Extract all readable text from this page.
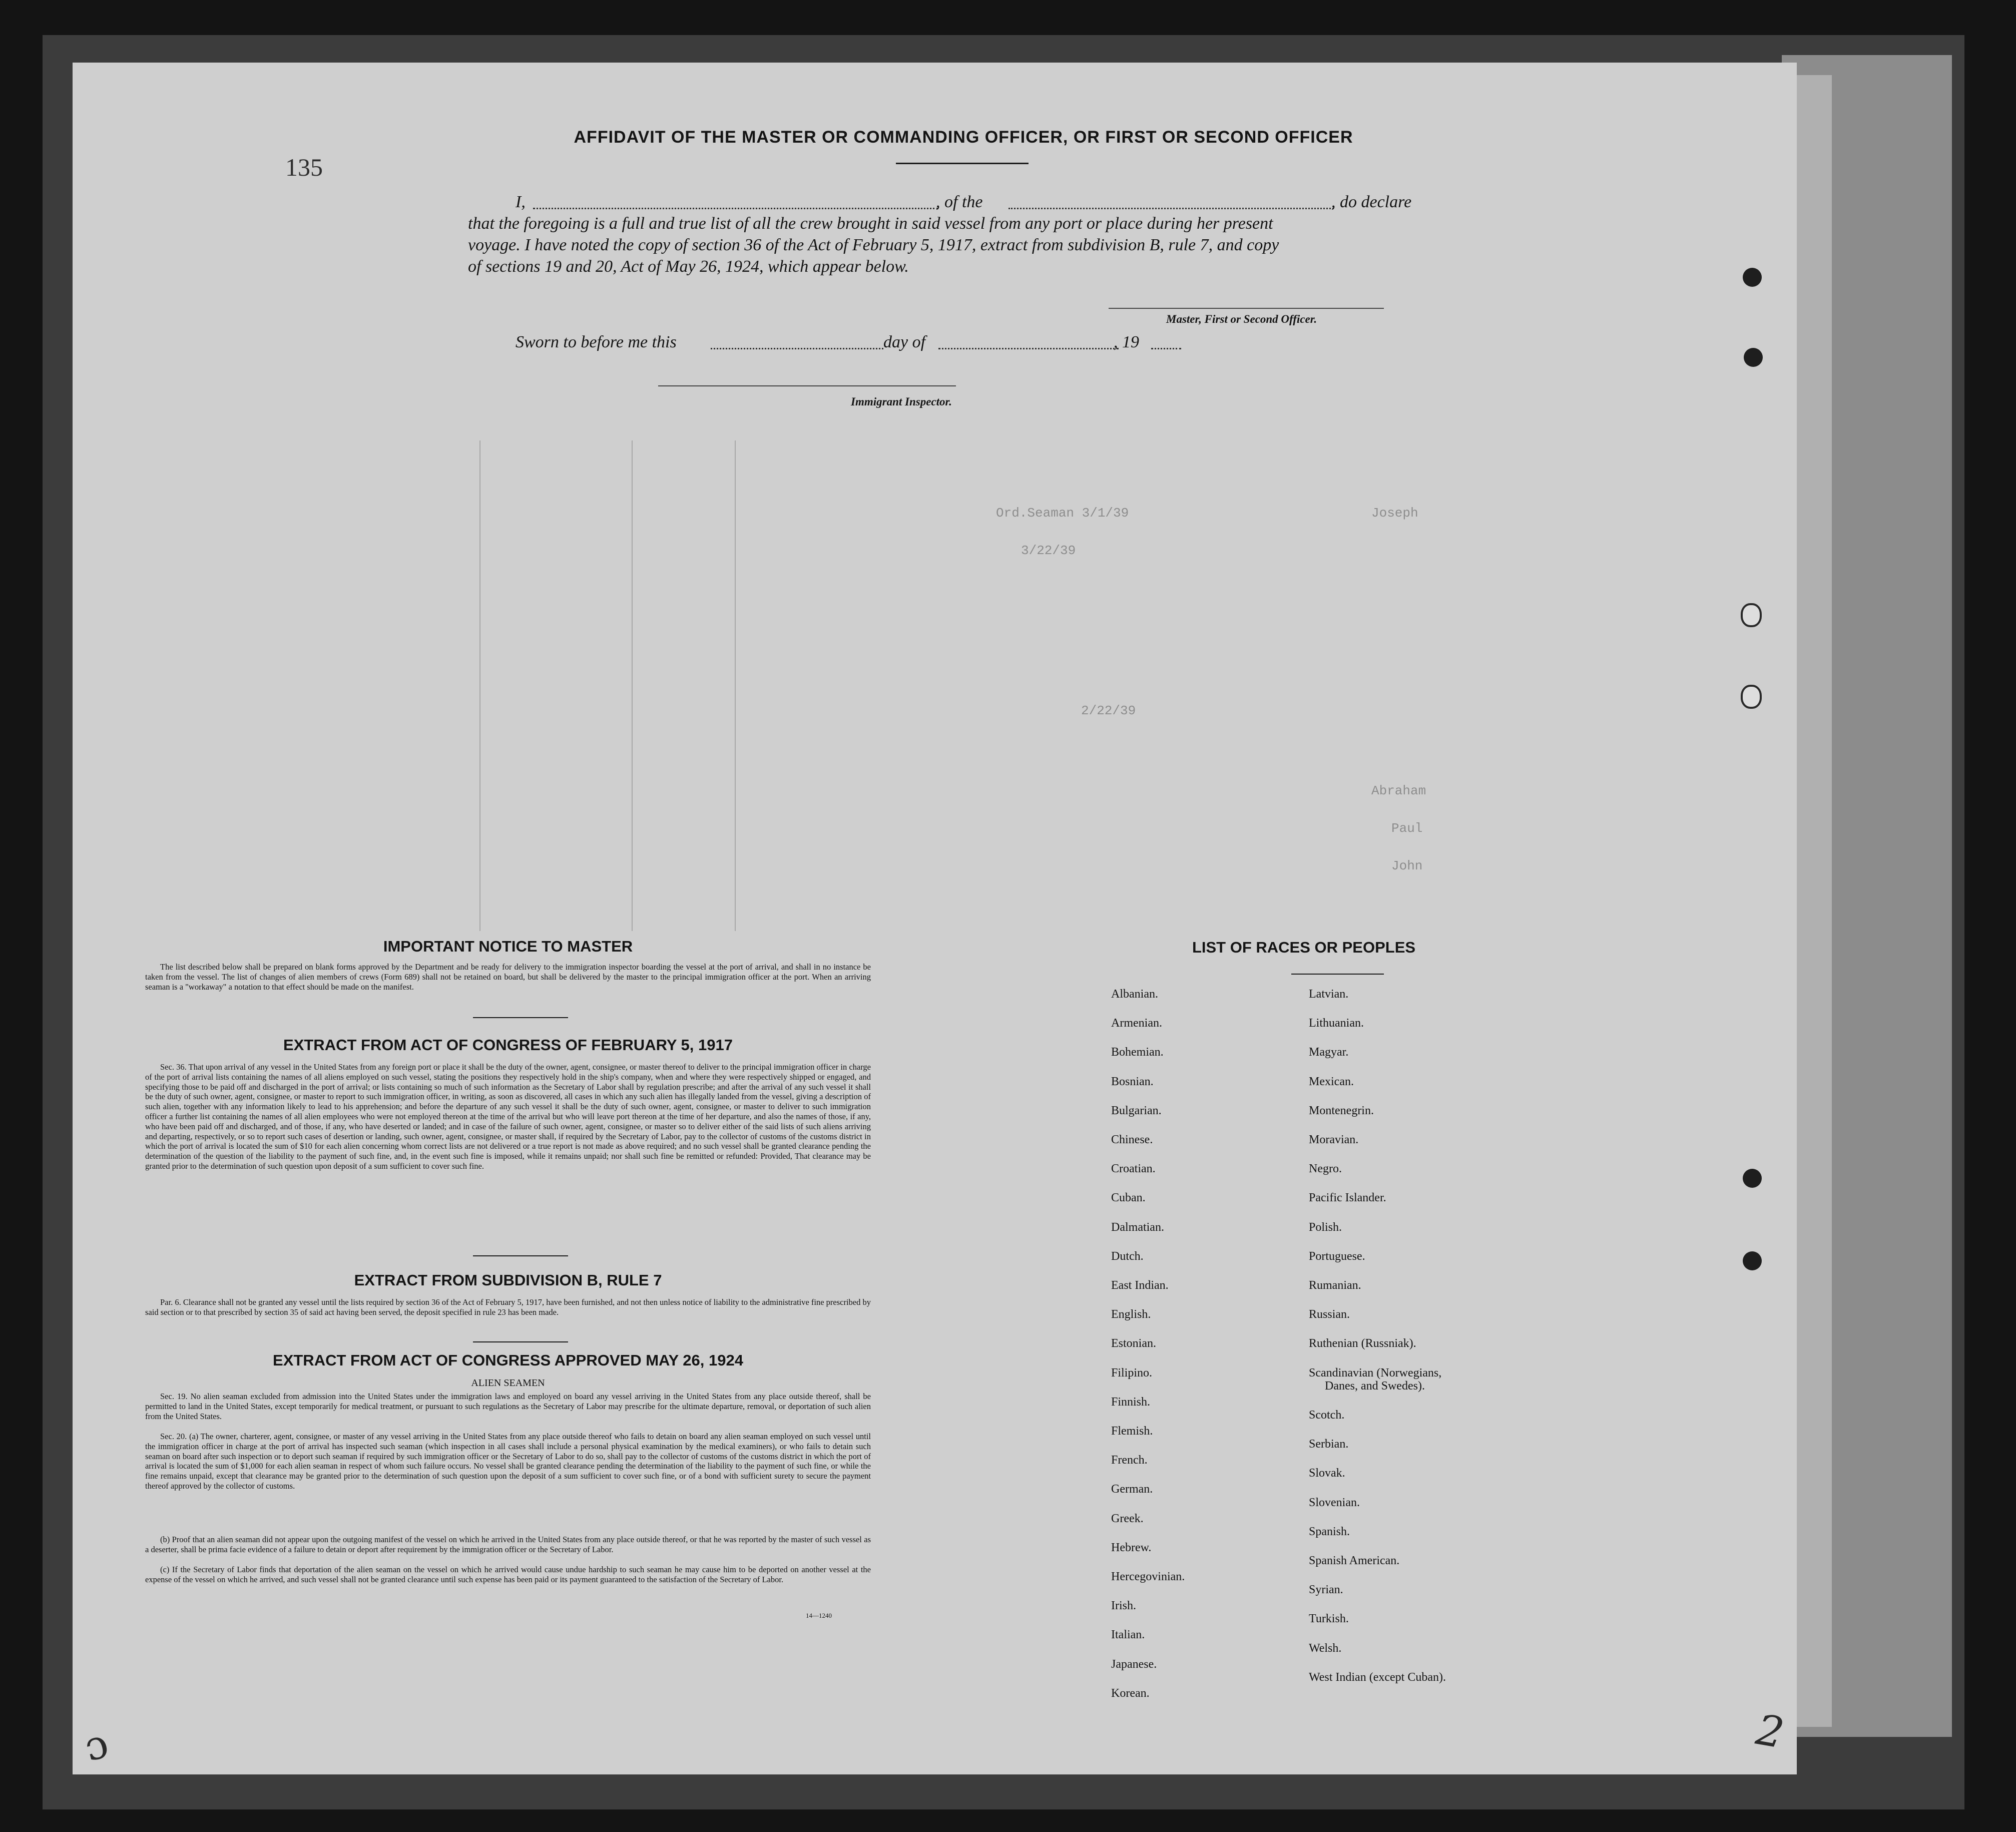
Ord.Seaman 3/1/39	Joseph
3/22/39
Abraham
Paul
John
2/22/39
135
AFFIDAVIT OF THE MASTER OR COMMANDING OFFICER, OR FIRST OR SECOND OFFICER
I,	, of the	, do declare
that the foregoing is a full and true list of all the crew brought in said vessel from any port or place during her present
voyage. I have noted the copy of section 36 of the Act of February 5, 1917, extract from subdivision B, rule 7, and copy
of sections 19 and 20, Act of May 26, 1924, which appear below.
Master, First or Second Officer.
Sworn to before me this	day of	, 19
Immigrant Inspector.
IMPORTANT NOTICE TO MASTER

The list described below shall be prepared on blank forms approved by the Department and be ready for delivery to the immigration inspector boarding the vessel at the port of arrival, and shall in no instance be taken from the vessel. The list of changes of alien members of crews (Form 689) shall not be retained on board, but shall be delivered by the master to the principal immigration officer at the port. When an arriving seaman is a "workaway" a notation to that effect should be made on the manifest.

EXTRACT FROM ACT OF CONGRESS OF FEBRUARY 5, 1917

Sec. 36. That upon arrival of any vessel in the United States from any foreign port or place it shall be the duty of the owner, agent, consignee, or master thereof to deliver to the principal immigration officer in charge of the port of arrival lists containing the names of all aliens employed on such vessel, stating the positions they respectively hold in the ship's company, when and where they were respectively shipped or engaged, and specifying those to be paid off and discharged in the port of arrival; or lists containing so much of such information as the Secretary of Labor shall by regulation prescribe; and after the arrival of any such vessel it shall be the duty of such owner, agent, consignee, or master to report to such immigration officer, in writing, as soon as discovered, all cases in which any such alien has illegally landed from the vessel, giving a description of such alien, together with any information likely to lead to his apprehension; and before the departure of any such vessel it shall be the duty of such owner, agent, consignee, or master to deliver to such immigration officer a further list containing the names of all alien employees who were not employed thereon at the time of the arrival but who will leave port thereon at the time of her departure, and also the names of those, if any, who have been paid off and discharged, and of those, if any, who have deserted or landed; and in case of the failure of such owner, agent, consignee, or master so to deliver either of the said lists of such aliens arriving and departing, respectively, or so to report such cases of desertion or landing, such owner, agent, consignee, or master shall, if required by the Secretary of Labor, pay to the collector of customs of the customs district in which the port of arrival is located the sum of $10 for each alien concerning whom correct lists are not delivered or a true report is not made as above required; and no such vessel shall be granted clearance pending the determination of the question of the liability to the payment of such fine, and, in the event such fine is imposed, while it remains unpaid; nor shall such fine be remitted or refunded: Provided, That clearance may be granted prior to the determination of such question upon deposit of a sum sufficient to cover such fine.

EXTRACT FROM SUBDIVISION B, RULE 7

Par. 6. Clearance shall not be granted any vessel until the lists required by section 36 of the Act of February 5, 1917, have been furnished, and not then unless notice of liability to the administrative fine prescribed by said section or to that prescribed by section 35 of said act having been served, the deposit specified in rule 23 has been made.

EXTRACT FROM ACT OF CONGRESS APPROVED MAY 26, 1924
ALIEN SEAMEN

Sec. 19. No alien seaman excluded from admission into the United States under the immigration laws and employed on board any vessel arriving in the United States from any place outside thereof, shall be permitted to land in the United States, except temporarily for medical treatment, or pursuant to such regulations as the Secretary of Labor may prescribe for the ultimate departure, removal, or deportation of such alien from the United States.

Sec. 20. (a) The owner, charterer, agent, consignee, or master of any vessel arriving in the United States from any place outside thereof who fails to detain on board any alien seaman employed on such vessel until the immigration officer in charge at the port of arrival has inspected such seaman (which inspection in all cases shall include a personal physical examination by the medical examiners), or who fails to detain such seaman on board after such inspection or to deport such seaman if required by such immigration officer or the Secretary of Labor to do so, shall pay to the collector of customs of the customs district in which the port of arrival is located the sum of $1,000 for each alien seaman in respect of whom such failure occurs. No vessel shall be granted clearance pending the determination of the liability to the payment of such fine, or while the fine remains unpaid, except that clearance may be granted prior to the determination of such question upon the deposit of a sum sufficient to cover such fine, or of a bond with sufficient surety to secure the payment thereof approved by the collector of customs.

(b) Proof that an alien seaman did not appear upon the outgoing manifest of the vessel on which he arrived in the United States from any place outside thereof, or that he was reported by the master of such vessel as a deserter, shall be prima facie evidence of a failure to detain or deport after requirement by the immigration officer or the Secretary of Labor.

(c) If the Secretary of Labor finds that deportation of the alien seaman on the vessel on which he arrived would cause undue hardship to such seaman he may cause him to be deported on another vessel at the expense of the vessel on which he arrived, and such vessel shall not be granted clearance until such expense has been paid or its payment guaranteed to the satisfaction of the Secretary of Labor.

14—1240
LIST OF RACES OR PEOPLES
Albanian.
Armenian.
Bohemian.
Bosnian.
Bulgarian.
Chinese.
Croatian.
Cuban.
Dalmatian.
Dutch.
East Indian.
English.
Estonian.
Filipino.
Finnish.
Flemish.
French.
German.
Greek.
Hebrew.
Hercegovinian.
Irish.
Italian.
Japanese.
Korean.
Latvian.
Lithuanian.
Magyar.
Mexican.
Montenegrin.
Moravian.
Negro.
Pacific Islander.
Polish.
Portuguese.
Rumanian.
Russian.
Ruthenian (Russniak).
Scandinavian (Norwegians,
Danes, and Swedes).
Scotch.
Serbian.
Slovak.
Slovenian.
Spanish.
Spanish American.
Syrian.
Turkish.
Welsh.
West Indian (except Cuban).
ɔ	2
